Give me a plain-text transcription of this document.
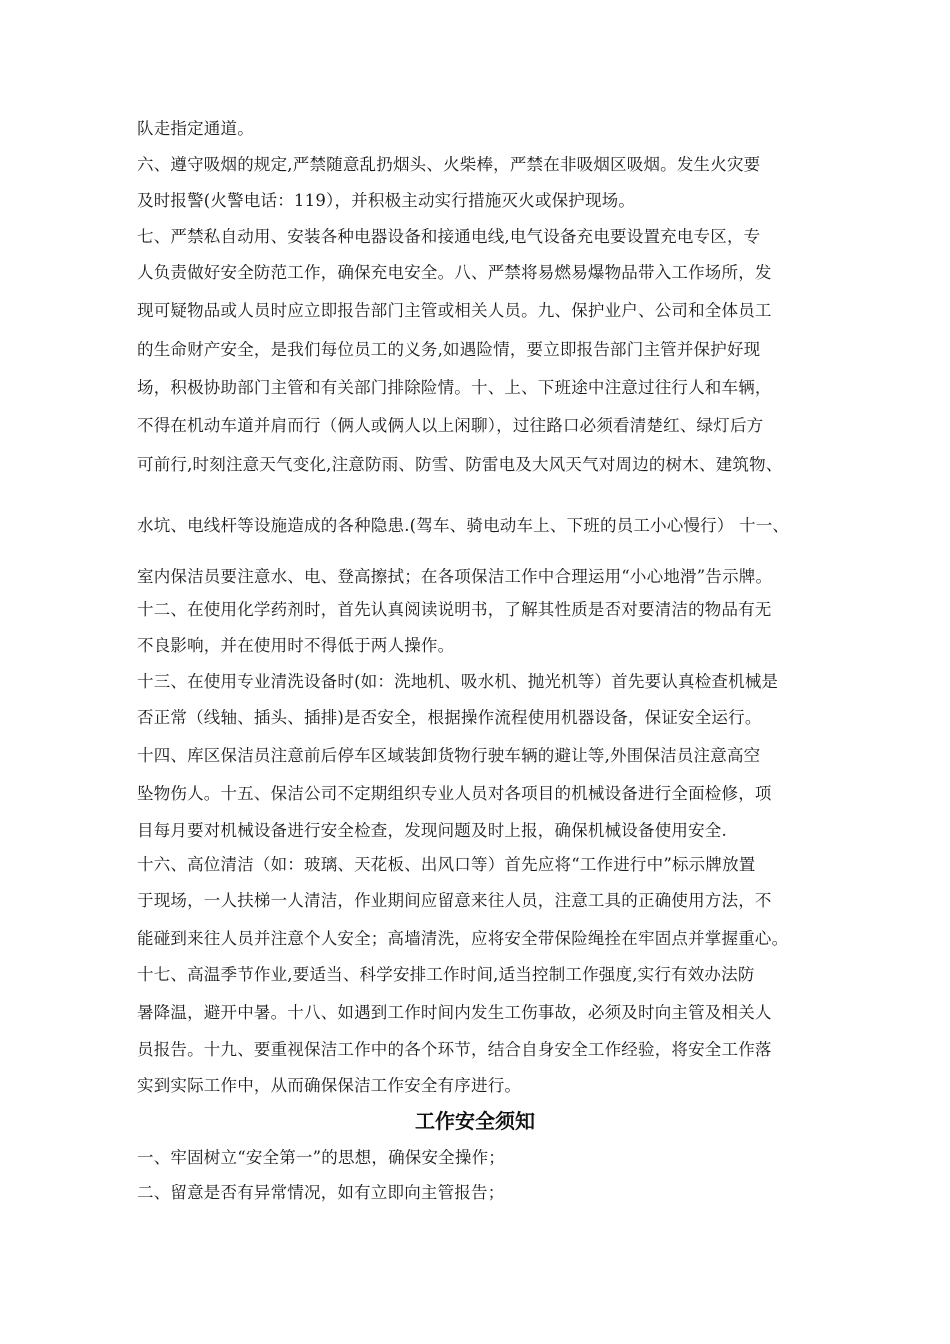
队走指定通道。
六、遵守吸烟的规定,严禁随意乱扔烟头、火柴棒，严禁在非吸烟区吸烟。发生火灾要
及时报警(火警电话：119），并积极主动实行措施灭火或保护现场。
七、严禁私自动用、安装各种电器设备和接通电线,电气设备充电要设置充电专区，专
人负责做好安全防范工作，确保充电安全。八、严禁将易燃易爆物品带入工作场所，发
现可疑物品或人员时应立即报告部门主管或相关人员。九、保护业户、公司和全体员工
的生命财产安全，是我们每位员工的义务,如遇险情，要立即报告部门主管并保护好现
场，积极协助部门主管和有关部门排除险情。十、上、下班途中注意过往行人和车辆，
不得在机动车道并肩而行（俩人或俩人以上闲聊），过往路口必须看清楚红、绿灯后方
可前行,时刻注意天气变化,注意防雨、防雪、防雷电及大风天气对周边的树木、建筑物、
水坑、电线杆等设施造成的各种隐患.(驾车、骑电动车上、下班的员工小心慢行） 十一、
室内保洁员要注意水、电、登高擦拭；在各项保洁工作中合理运用“小心地滑”告示牌。
十二、在使用化学药剂时，首先认真阅读说明书，了解其性质是否对要清洁的物品有无
不良影响，并在使用时不得低于两人操作。
十三、在使用专业清洗设备时(如：洗地机、吸水机、抛光机等）首先要认真检查机械是
否正常（线轴、插头、插排)是否安全，根据操作流程使用机器设备，保证安全运行。
十四、库区保洁员注意前后停车区域装卸货物行驶车辆的避让等,外围保洁员注意高空
坠物伤人。十五、保洁公司不定期组织专业人员对各项目的机械设备进行全面检修，项
目每月要对机械设备进行安全检查，发现问题及时上报，确保机械设备使用安全.
十六、高位清洁（如：玻璃、天花板、出风口等）首先应将“工作进行中”标示牌放置
于现场，一人扶梯一人清洁，作业期间应留意来往人员，注意工具的正确使用方法，不
能碰到来往人员并注意个人安全；高墙清洗，应将安全带保险绳拴在牢固点并掌握重心。
十七、高温季节作业,要适当、科学安排工作时间,适当控制工作强度,实行有效办法防
暑降温，避开中暑。十八、如遇到工作时间内发生工伤事故，必须及时向主管及相关人
员报告。十九、要重视保洁工作中的各个环节，结合自身安全工作经验，将安全工作落
实到实际工作中，从而确保保洁工作安全有序进行。
工作安全须知
一、牢固树立“安全第一”的思想，确保安全操作；
二、留意是否有异常情况，如有立即向主管报告；
